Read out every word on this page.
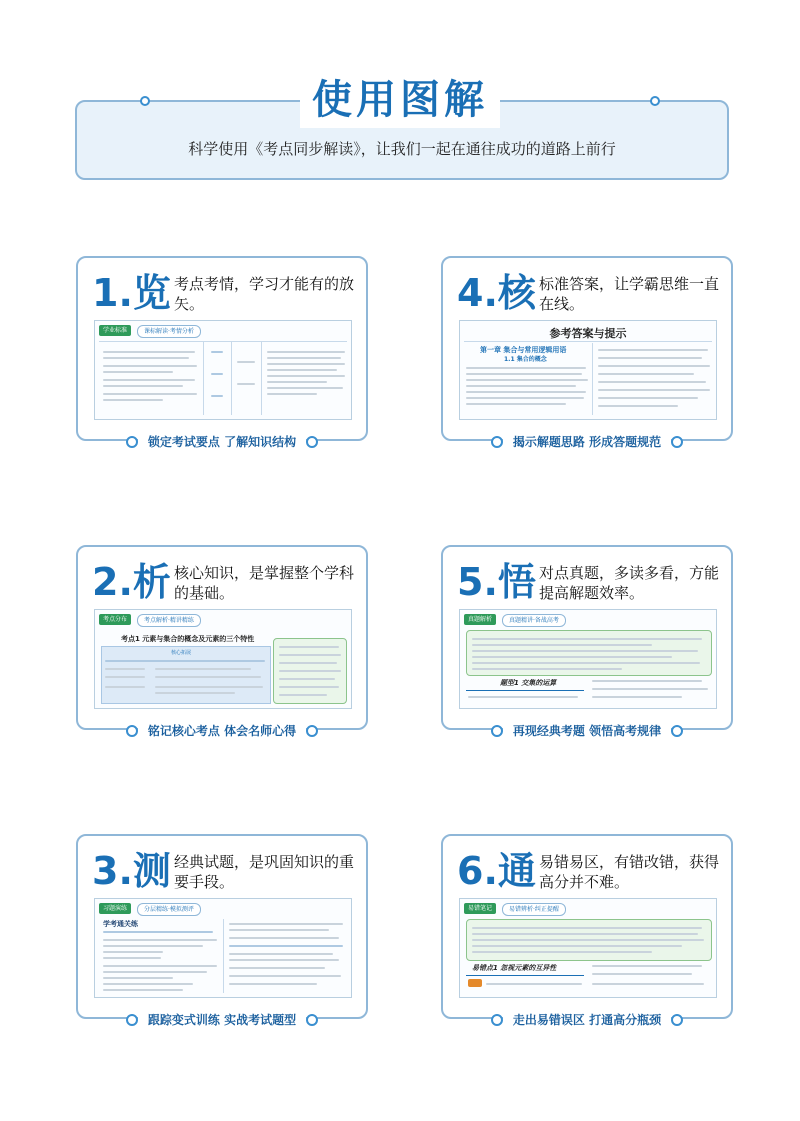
使用图解
科学使用《考点同步解读》，让我们一起在通往成功的道路上前行
1.览 考点考情，学习才能有的放矢。
学业标准	课标解读·考情分析
锁定考试要点 了解知识结构
4.核 标准答案，让学霸思维一直在线。
参考答案与提示
第一章 集合与常用逻辑用语
1.1 集合的概念
揭示解题思路 形成答题规范
2.析 核心知识，是掌握整个学科的基础。
考点分布	考点解析·精讲精练
考点1 元素与集合的概念及元素的三个特性
核心拓展
铭记核心考点 体会名师心得
5.悟 对点真题，多读多看，方能提高解题效率。
真题解析	真题精讲·备战高考
题型1 交集的运算
再现经典考题 领悟高考规律
3.测 经典试题，是巩固知识的重要手段。
习题演练	分层精练·模拟测评
学考通关练
跟踪变式训练 实战考试题型
6.通 易错易区，有错改错，获得高分并不难。
易错笔记	易错辨析·纠正提醒
易错点1 忽视元素的互异性
走出易错误区 打通高分瓶颈
